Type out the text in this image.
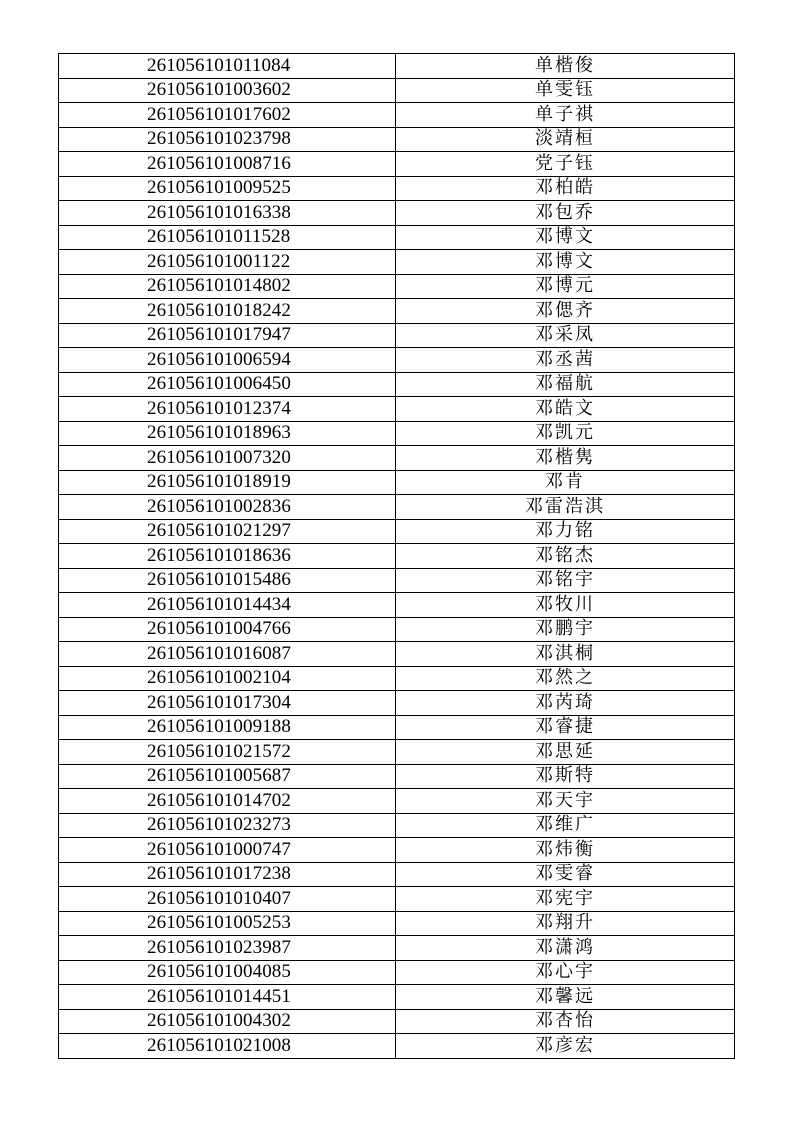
261056101011084	单楷俊
261056101003602	单雯钰
261056101017602	单子祺
261056101023798	淡靖桓
261056101008716	党子钰
261056101009525	邓柏皓
261056101016338	邓包乔
261056101011528	邓博文
261056101001122	邓博文
261056101014802	邓博元
261056101018242	邓偲齐
261056101017947	邓采凤
261056101006594	邓丞茜
261056101006450	邓福航
261056101012374	邓皓文
261056101018963	邓凯元
261056101007320	邓楷隽
261056101018919	邓肯
261056101002836	邓雷浩淇
261056101021297	邓力铭
261056101018636	邓铭杰
261056101015486	邓铭宇
261056101014434	邓牧川
261056101004766	邓鹏宇
261056101016087	邓淇桐
261056101002104	邓然之
261056101017304	邓芮琦
261056101009188	邓睿捷
261056101021572	邓思延
261056101005687	邓斯特
261056101014702	邓天宇
261056101023273	邓维广
261056101000747	邓炜衡
261056101017238	邓雯睿
261056101010407	邓宪宇
261056101005253	邓翔升
261056101023987	邓潇鸿
261056101004085	邓心宇
261056101014451	邓馨远
261056101004302	邓杏怡
261056101021008	邓彦宏
